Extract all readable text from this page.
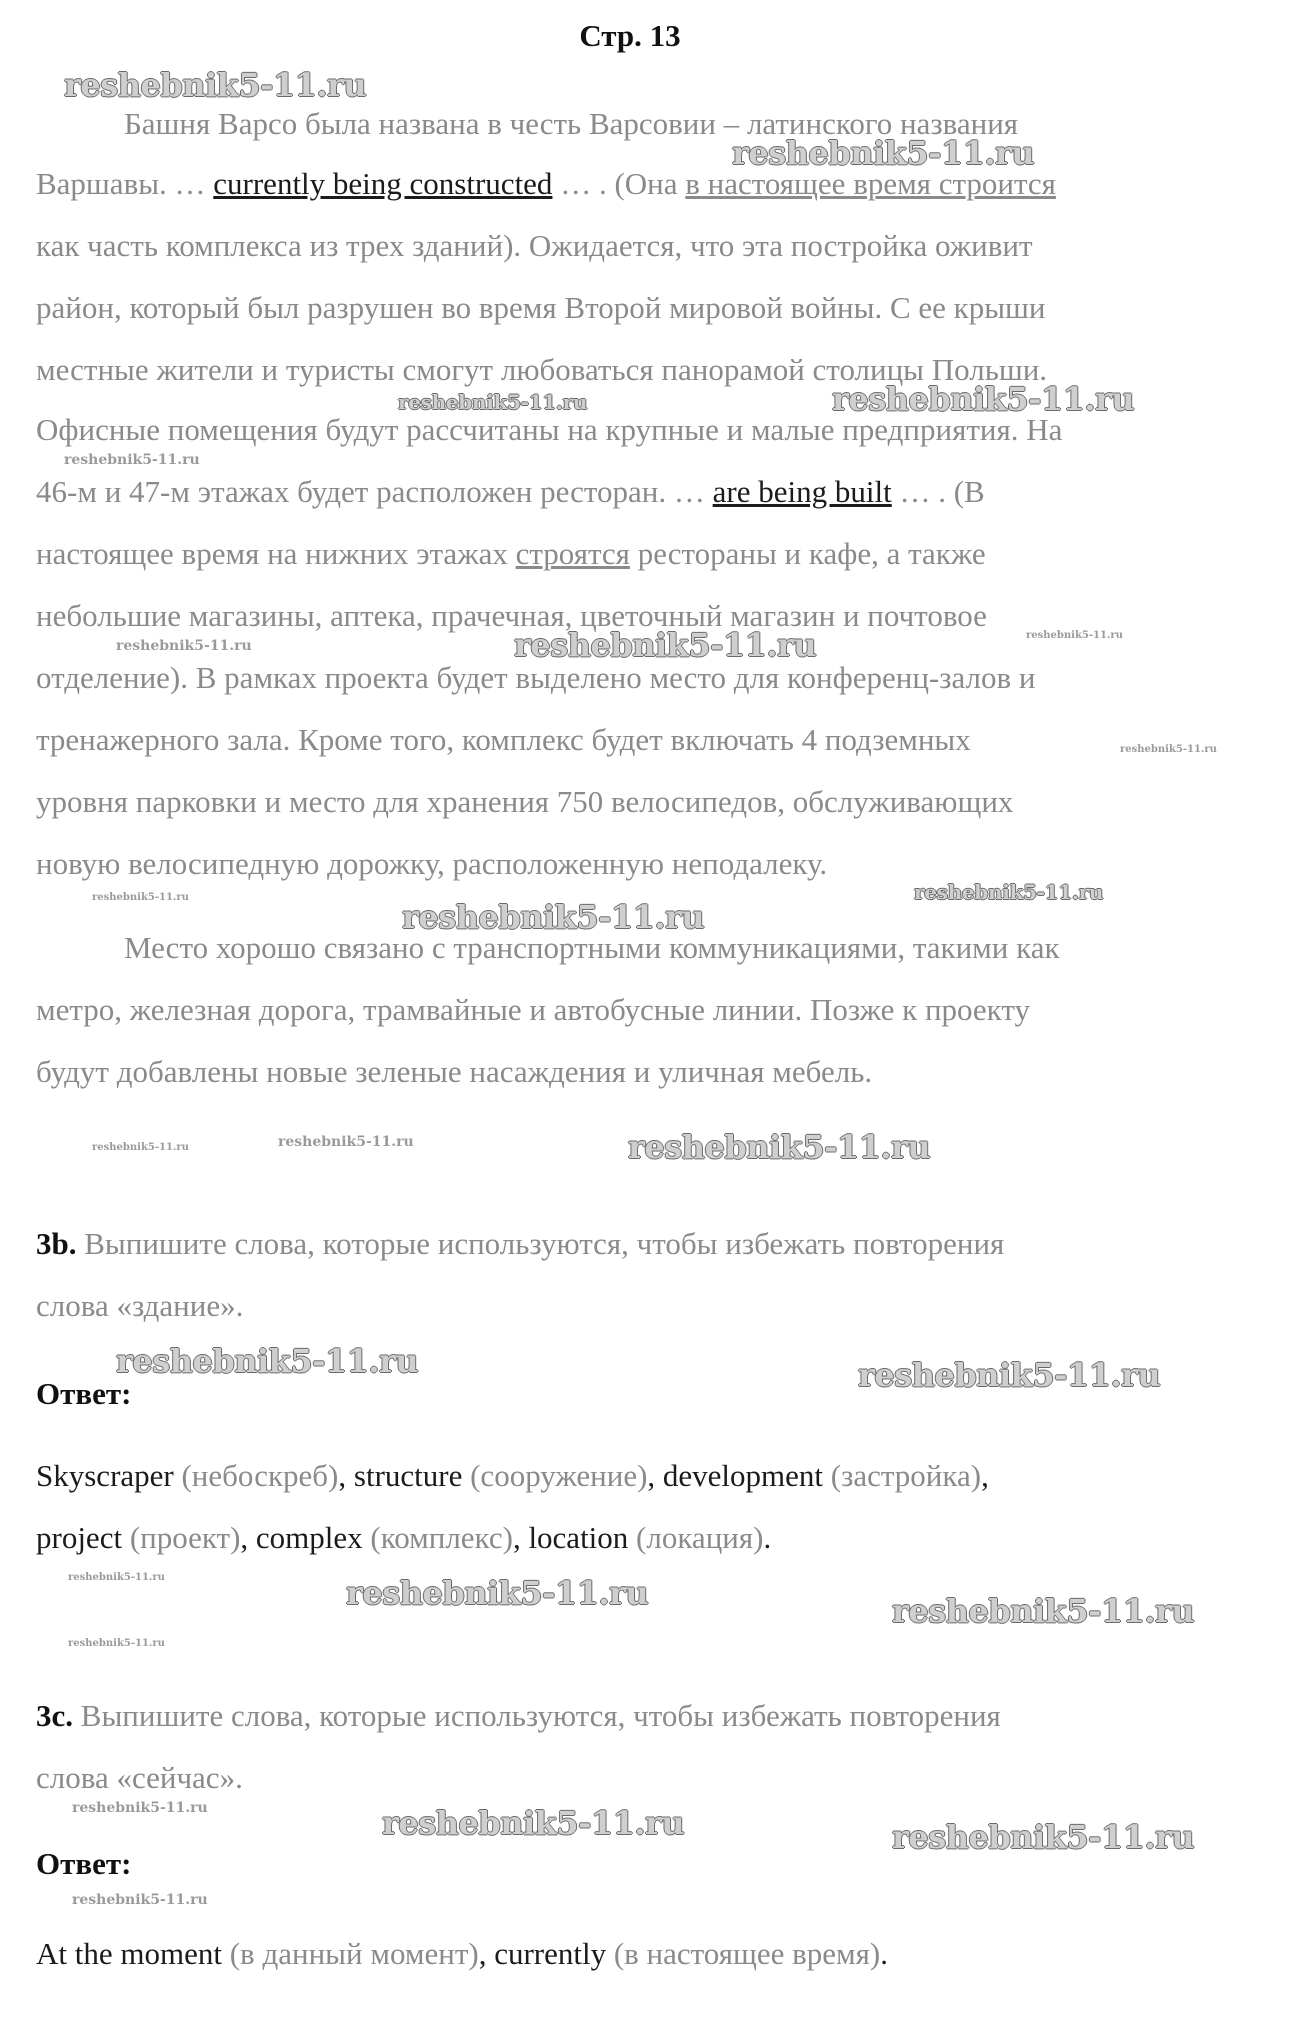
Стр. 13
Башня Варсо была названа в честь Варсовии – латинского названия
Варшавы. … currently being constructed … . (Она в настоящее время строится
как часть комплекса из трех зданий). Ожидается, что эта постройка оживит
район, который был разрушен во время Второй мировой войны. С ее крыши
местные жители и туристы смогут любоваться панорамой столицы Польши.
Офисные помещения будут рассчитаны на крупные и малые предприятия. На
46-м и 47-м этажах будет расположен ресторан. … are being built … . (В
настоящее время на нижних этажах строятся рестораны и кафе, а также
небольшие магазины, аптека, прачечная, цветочный магазин и почтовое
отделение). В рамках проекта будет выделено место для конференц-залов и
тренажерного зала. Кроме того, комплекс будет включать 4 подземных
уровня парковки и место для хранения 750 велосипедов, обслуживающих
новую велосипедную дорожку, расположенную неподалеку.
Место хорошо связано с транспортными коммуникациями, такими как
метро, железная дорога, трамвайные и автобусные линии. Позже к проекту
будут добавлены новые зеленые насаждения и уличная мебель.
3b. Выпишите слова, которые используются, чтобы избежать повторения
слова «здание».
Ответ:
Skyscraper (небоскреб), structure (сооружение), development (застройка),
project (проект), complex (комплекс), location (локация).
3c. Выпишите слова, которые используются, чтобы избежать повторения
слова «сейчас».
Ответ:
At the moment (в данный момент), currently (в настоящее время).
reshebnik5-11.ru
reshebnik5-11.ru
reshebnik5-11.ru	reshebnik5-11.ru
reshebnik5-11.ru
reshebnik5-11.ru	reshebnik5-11.ru	reshebnik5-11.ru
reshebnik5-11.ru
reshebnik5-11.ru	reshebnik5-11.ru
reshebnik5-11.ru
reshebnik5-11.ru	reshebnik5-11.ru	reshebnik5-11.ru
reshebnik5-11.ru	reshebnik5-11.ru
reshebnik5-11.ru	reshebnik5-11.ru	reshebnik5-11.ru
reshebnik5-11.ru
reshebnik5-11.ru	reshebnik5-11.ru	reshebnik5-11.ru
reshebnik5-11.ru
